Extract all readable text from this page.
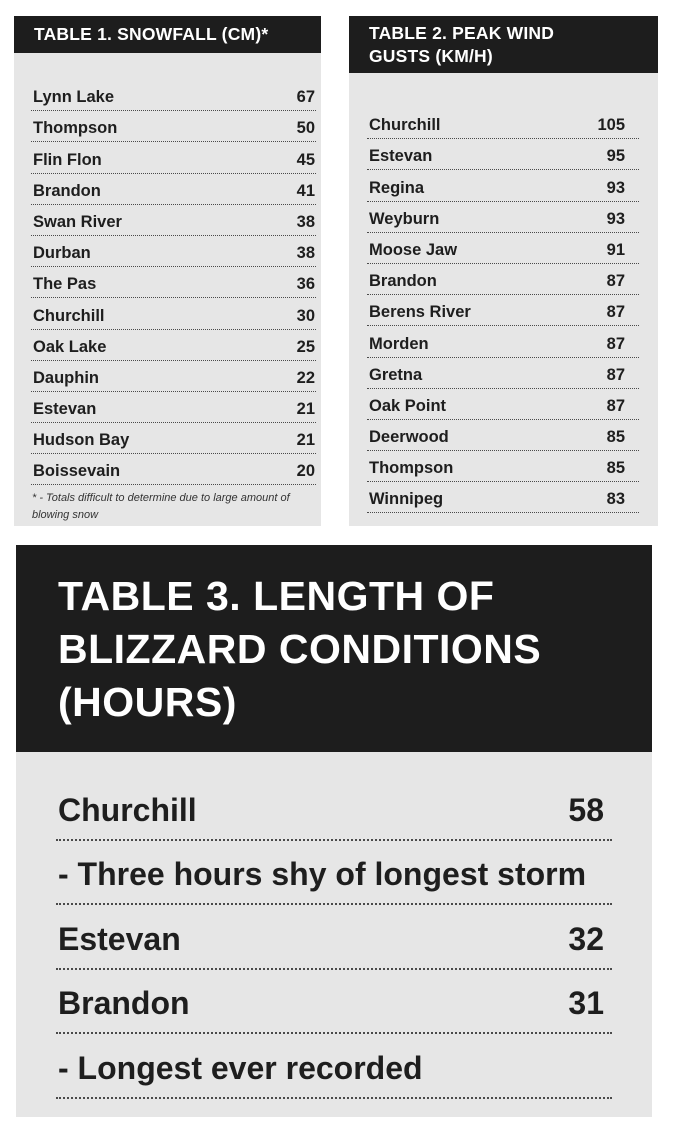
TABLE 1. SNOWFALL (CM)*
Lynn Lake	67
Thompson	50
Flin Flon	45
Brandon	41
Swan River	38
Durban	38
The Pas	36
Churchill	30
Oak Lake	25
Dauphin	22
Estevan	21
Hudson Bay	21
Boissevain	20
* - Totals difficult to determine due to large amount of blowing snow
TABLE 2. PEAK WIND
GUSTS (KM/H)
Churchill	105
Estevan	95
Regina	93
Weyburn	93
Moose Jaw	91
Brandon	87
Berens River	87
Morden	87
Gretna	87
Oak Point	87
Deerwood	85
Thompson	85
Winnipeg	83
TABLE 3. LENGTH OF
BLIZZARD CONDITIONS
(HOURS)
Churchill	58
- Three hours shy of longest storm
Estevan	32
Brandon	31
- Longest ever recorded
